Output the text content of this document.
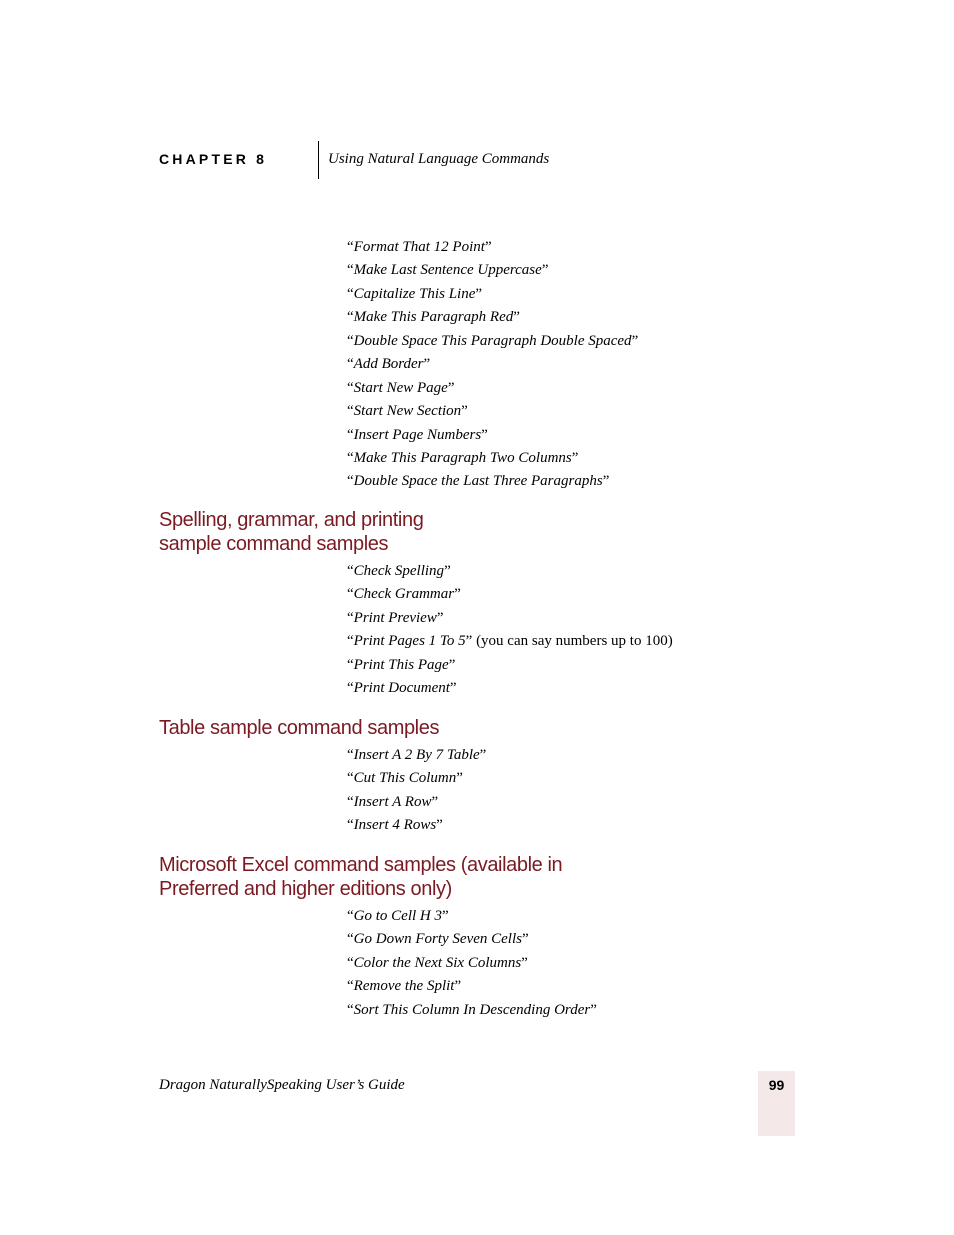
CHAPTER 8	Using Natural Language Commands
“Format That 12 Point”
“Make Last Sentence Uppercase”
“Capitalize This Line”
“Make This Paragraph Red”
“Double Space This Paragraph Double Spaced”
“Add Border”
“Start New Page”
“Start New Section”
“Insert Page Numbers”
“Make This Paragraph Two Columns”
“Double Space the Last Three Paragraphs”
Spelling, grammar, and printing
sample command samples
“Check Spelling”
“Check Grammar”
“Print Preview”
“Print Pages 1 To 5” (you can say numbers up to 100)
“Print This Page”
“Print Document”
Table sample command samples
“Insert A 2 By 7 Table”
“Cut This Column”
“Insert A Row”
“Insert 4 Rows”
Microsoft Excel command samples (available in
Preferred and higher editions only)
“Go to Cell H 3”
“Go Down Forty Seven Cells”
“Color the Next Six Columns”
“Remove the Split”
“Sort This Column In Descending Order”
Dragon NaturallySpeaking User’s Guide	99
